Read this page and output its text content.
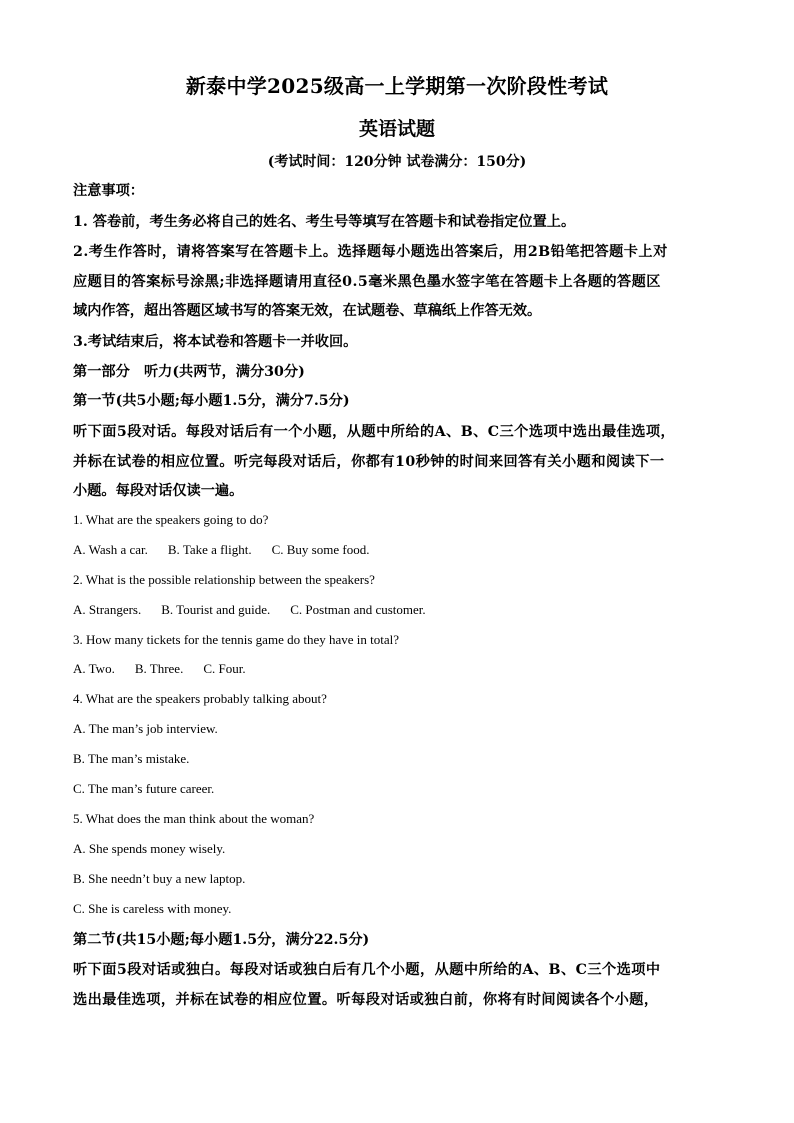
新泰中学2025级高一上学期第一次阶段性考试
英语试题
(考试时间：120分钟 试卷满分：150分)
注意事项：
1. 答卷前，考生务必将自己的姓名、考生号等填写在答题卡和试卷指定位置上。
2.考生作答时，请将答案写在答题卡上。选择题每小题选出答案后，用2B铅笔把答题卡上对
应题目的答案标号涂黑;非选择题请用直径0.5毫米黑色墨水签字笔在答题卡上各题的答题区
域内作答，超出答题区域书写的答案无效，在试题卷、草稿纸上作答无效。
3.考试结束后，将本试卷和答题卡一并收回。
第一部分　听力(共两节，满分30分)
第一节(共5小题;每小题1.5分，满分7.5分)
听下面5段对话。每段对话后有一个小题，从题中所给的A、B、C三个选项中选出最佳选项，
并标在试卷的相应位置。听完每段对话后，你都有10秒钟的时间来回答有关小题和阅读下一
小题。每段对话仅读一遍。
1. What are the speakers going to do?
A. Wash a car. B. Take a flight. C. Buy some food.
2. What is the possible relationship between the speakers?
A. Strangers. B. Tourist and guide. C. Postman and customer.
3. How many tickets for the tennis game do they have in total?
A. Two. B. Three. C. Four.
4. What are the speakers probably talking about?
A. The man’s job interview.
B. The man’s mistake.
C. The man’s future career.
5. What does the man think about the woman?
A. She spends money wisely.
B. She needn’t buy a new laptop.
C. She is careless with money.
第二节(共15小题;每小题1.5分，满分22.5分)
听下面5段对话或独白。每段对话或独白后有几个小题，从题中所给的A、B、C三个选项中
选出最佳选项，并标在试卷的相应位置。听每段对话或独白前，你将有时间阅读各个小题，
